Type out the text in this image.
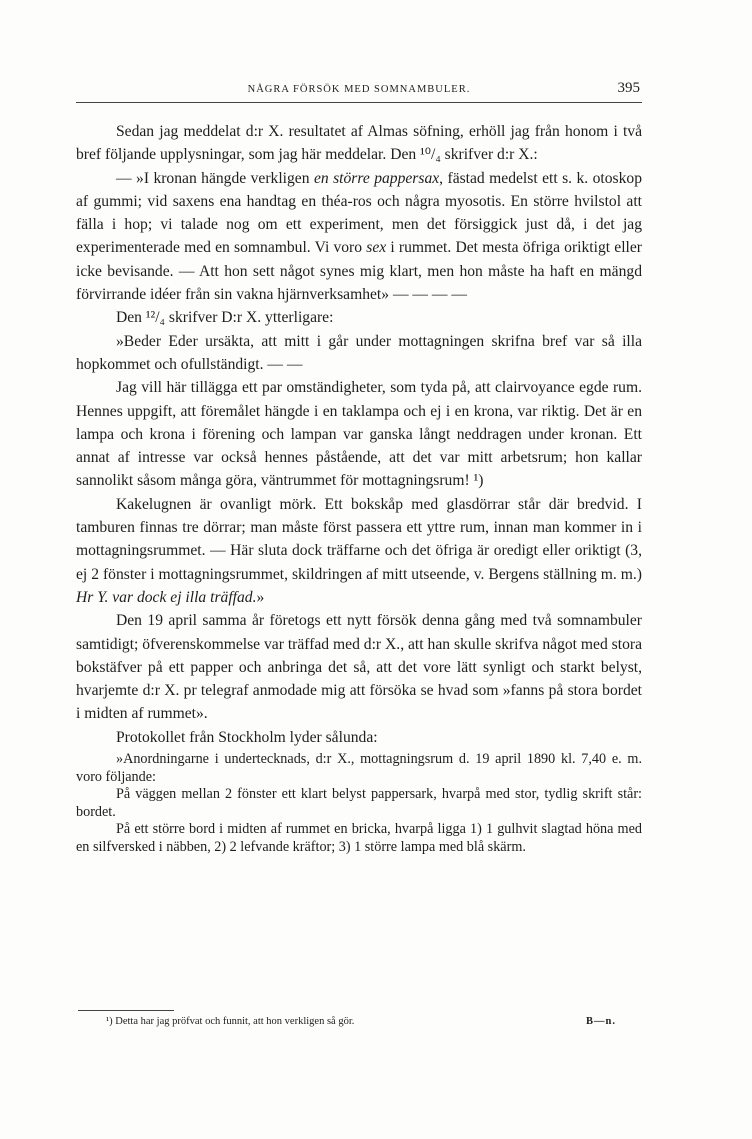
NÅGRA FÖRSÖK MED SOMNAMBULER.	395

Sedan jag meddelat d:r X. resultatet af Almas söfning, erhöll jag från honom i två bref följande upplysningar, som jag här meddelar. Den ¹⁰/₄ skrifver d:r X.:

— »I kronan hängde verkligen en större pappersax, fästad medelst ett s. k. otoskop af gummi; vid saxens ena handtag en théa-ros och några myosotis. En större hvilstol att fälla i hop; vi talade nog om ett experiment, men det försiggick just då, i det jag experimenterade med en somnambul. Vi voro sex i rummet. Det mesta öfriga oriktigt eller icke bevisande. — Att hon sett något synes mig klart, men hon måste ha haft en mängd förvirrande idéer från sin vakna hjärnverksamhet» — — — —

Den ¹²/₄ skrifver D:r X. ytterligare:

»Beder Eder ursäkta, att mitt i går under mottagningen skrifna bref var så illa hopkommet och ofullständigt. — —

Jag vill här tillägga ett par omständigheter, som tyda på, att clairvoyance egde rum. Hennes uppgift, att föremålet hängde i en taklampa och ej i en krona, var riktig. Det är en lampa och krona i förening och lampan var ganska långt neddragen under kronan. Ett annat af intresse var också hennes påstående, att det var mitt arbetsrum; hon kallar sannolikt såsom många göra, väntrummet för mottagningsrum! ¹)

Kakelugnen är ovanligt mörk. Ett bokskåp med glasdörrar står där bredvid. I tamburen finnas tre dörrar; man måste först passera ett yttre rum, innan man kommer in i mottagningsrummet. — Här sluta dock träffarne och det öfriga är oredigt eller oriktigt (3, ej 2 fönster i mottagningsrummet, skildringen af mitt utseende, v. Bergens ställning m. m.) Hr Y. var dock ej illa träffad.»

Den 19 april samma år företogs ett nytt försök denna gång med två somnambuler samtidigt; öfverenskommelse var träffad med d:r X., att han skulle skrifva något med stora bokstäfver på ett papper och anbringa det så, att det vore lätt synligt och starkt belyst, hvarjemte d:r X. pr telegraf anmodade mig att försöka se hvad som »fanns på stora bordet i midten af rummet».

Protokollet från Stockholm lyder sålunda:

»Anordningarne i undertecknads, d:r X., mottagningsrum d. 19 april 1890 kl. 7,40 e. m. voro följande:

På väggen mellan 2 fönster ett klart belyst pappersark, hvarpå med stor, tydlig skrift står: bordet.

På ett större bord i midten af rummet en bricka, hvarpå ligga 1) 1 gulhvit slagtad höna med en silfversked i näbben, 2) 2 lefvande kräftor; 3) 1 större lampa med blå skärm.

¹) Detta har jag pröfvat och funnit, att hon verkligen så gör.	B—n.
